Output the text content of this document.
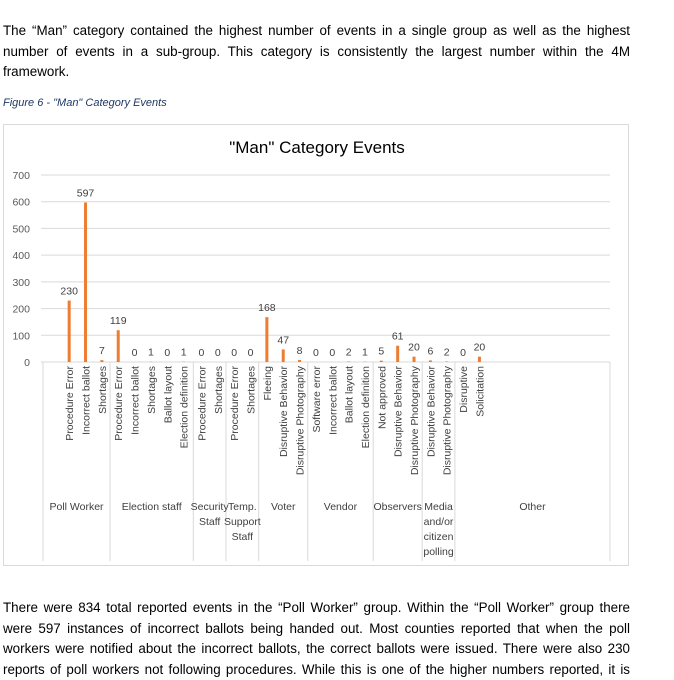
The “Man” category contained the highest number of events in a single group as well as the highest
number of events in a sub-group. This category is consistently the largest number within the 4M
framework.
Figure 6 - "Man" Category Events
"Man" Category Events
0
100
200
300
400
500
600
700
230
Procedure Error
597
Incorrect ballot
7
Shortages
119
Procedure Error
0
Incorrect ballot
1
Shortages
0
Ballot layout
1
Election definition
0
Procedure Error
0
Shortages
0
Procedure Error
0
Shortages
168
Fleeing
47
Disruptive Behavior
8
Disruptive Photography
0
Software error
0
Incorrect ballot
2
Ballot layout
1
Election definition
5
Not approved
61
Disruptive Behavior
20
Disruptive Photography
6
Disruptive Behavior
2
Disruptive Photography
0
Disruptive
20
Solicitation
Poll Worker Election staff Security
Staff
Temp.
Support
Staff
Voter	Vendor Observers Media
and/or
citizen
polling
Other
There were 834 total reported events in the “Poll Worker” group. Within the “Poll Worker” group there
were 597 instances of incorrect ballots being handed out. Most counties reported that when the poll
workers were notified about the incorrect ballots, the correct ballots were issued. There were also 230
reports of poll workers not following procedures. While this is one of the higher numbers reported, it is
